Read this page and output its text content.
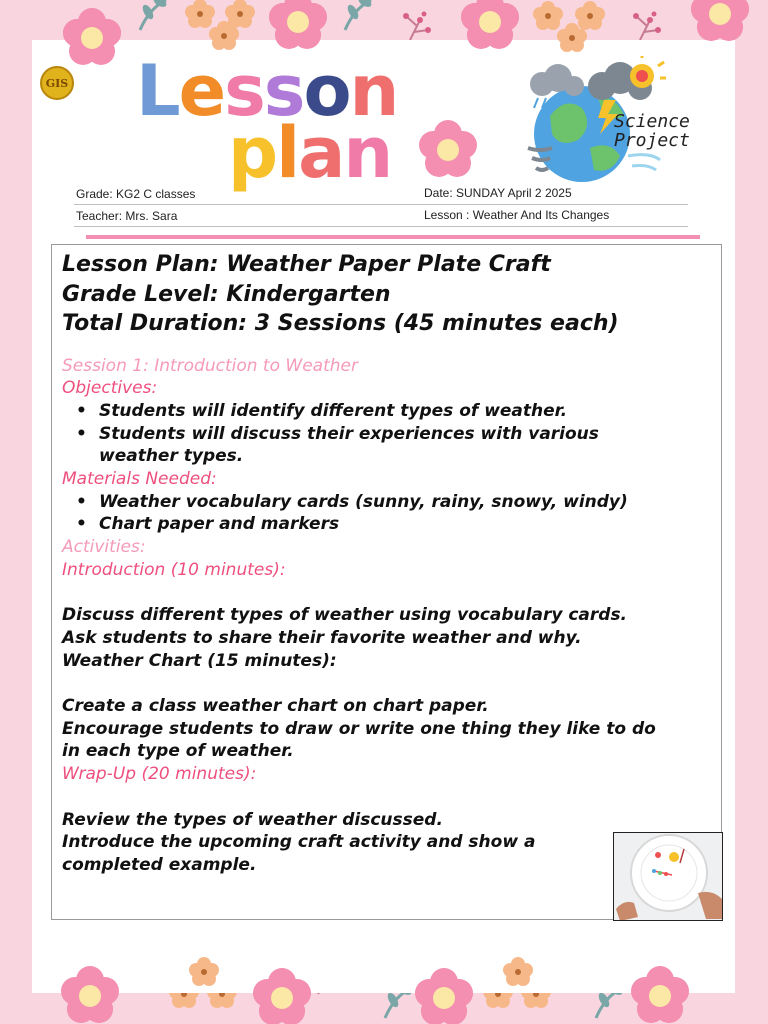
GIS Lesson
plan	Science
Project
Grade: KG2 C classes	Date: SUNDAY April 2 2025
Teacher: Mrs. Sara	Lesson : Weather And Its Changes
Lesson Plan: Weather Paper Plate Craft
Grade Level: Kindergarten
Total Duration: 3 Sessions (45 minutes each)
Session 1: Introduction to Weather
Objectives:
• Students will identify different types of weather.
• Students will discuss their experiences with various weather types.
Materials Needed:
• Weather vocabulary cards (sunny, rainy, snowy, windy)
• Chart paper and markers
Activities:
Introduction (10 minutes):
Discuss different types of weather using vocabulary cards.
Ask students to share their favorite weather and why.
Weather Chart (15 minutes):
Create a class weather chart on chart paper.
Encourage students to draw or write one thing they like to do in each type of weather.
Wrap-Up (20 minutes):
Review the types of weather discussed.
Introduce the upcoming craft activity and show a completed example.
